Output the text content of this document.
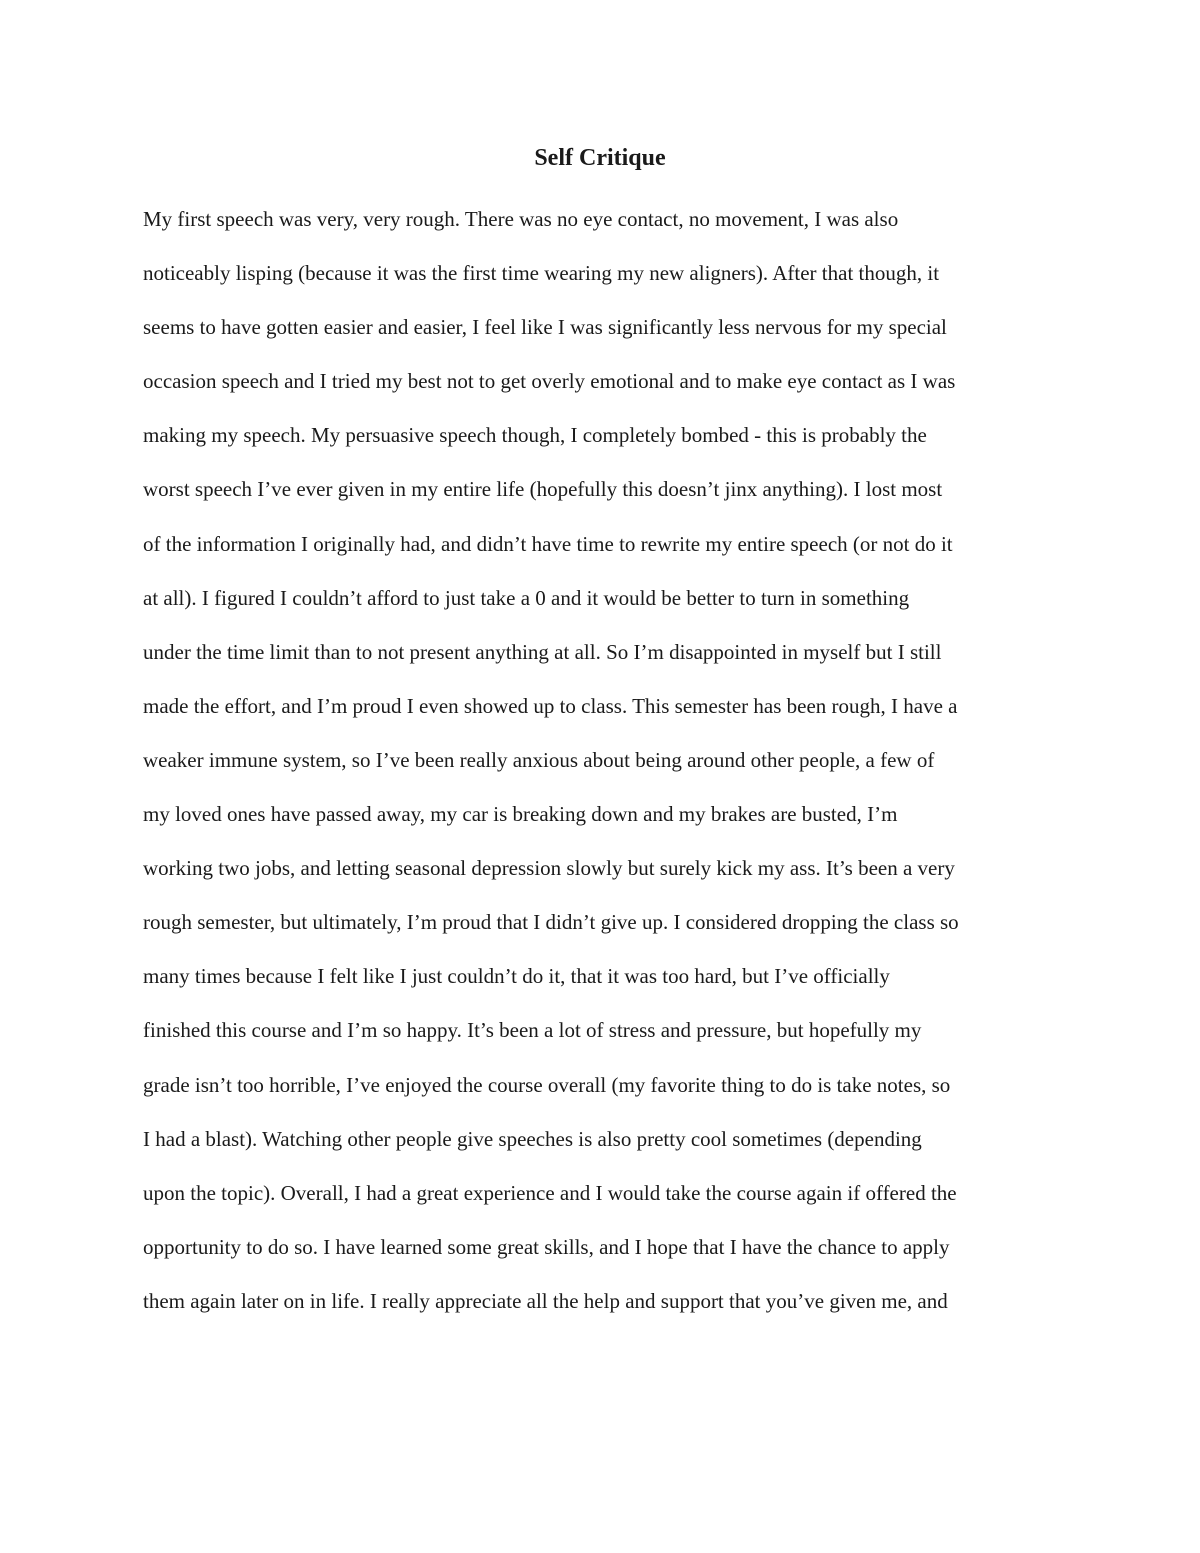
Self Critique
My first speech was very, very rough. There was no eye contact, no movement, I was also
noticeably lisping (because it was the first time wearing my new aligners). After that though, it
seems to have gotten easier and easier, I feel like I was significantly less nervous for my special
occasion speech and I tried my best not to get overly emotional and to make eye contact as I was
making my speech. My persuasive speech though, I completely bombed - this is probably the
worst speech I’ve ever given in my entire life (hopefully this doesn’t jinx anything). I lost most
of the information I originally had, and didn’t have time to rewrite my entire speech (or not do it
at all). I figured I couldn’t afford to just take a 0 and it would be better to turn in something
under the time limit than to not present anything at all. So I’m disappointed in myself but I still
made the effort, and I’m proud I even showed up to class. This semester has been rough, I have a
weaker immune system, so I’ve been really anxious about being around other people, a few of
my loved ones have passed away, my car is breaking down and my brakes are busted, I’m
working two jobs, and letting seasonal depression slowly but surely kick my ass. It’s been a very
rough semester, but ultimately, I’m proud that I didn’t give up. I considered dropping the class so
many times because I felt like I just couldn’t do it, that it was too hard, but I’ve officially
finished this course and I’m so happy. It’s been a lot of stress and pressure, but hopefully my
grade isn’t too horrible, I’ve enjoyed the course overall (my favorite thing to do is take notes, so
I had a blast). Watching other people give speeches is also pretty cool sometimes (depending
upon the topic). Overall, I had a great experience and I would take the course again if offered the
opportunity to do so. I have learned some great skills, and I hope that I have the chance to apply
them again later on in life. I really appreciate all the help and support that you’ve given me, and
